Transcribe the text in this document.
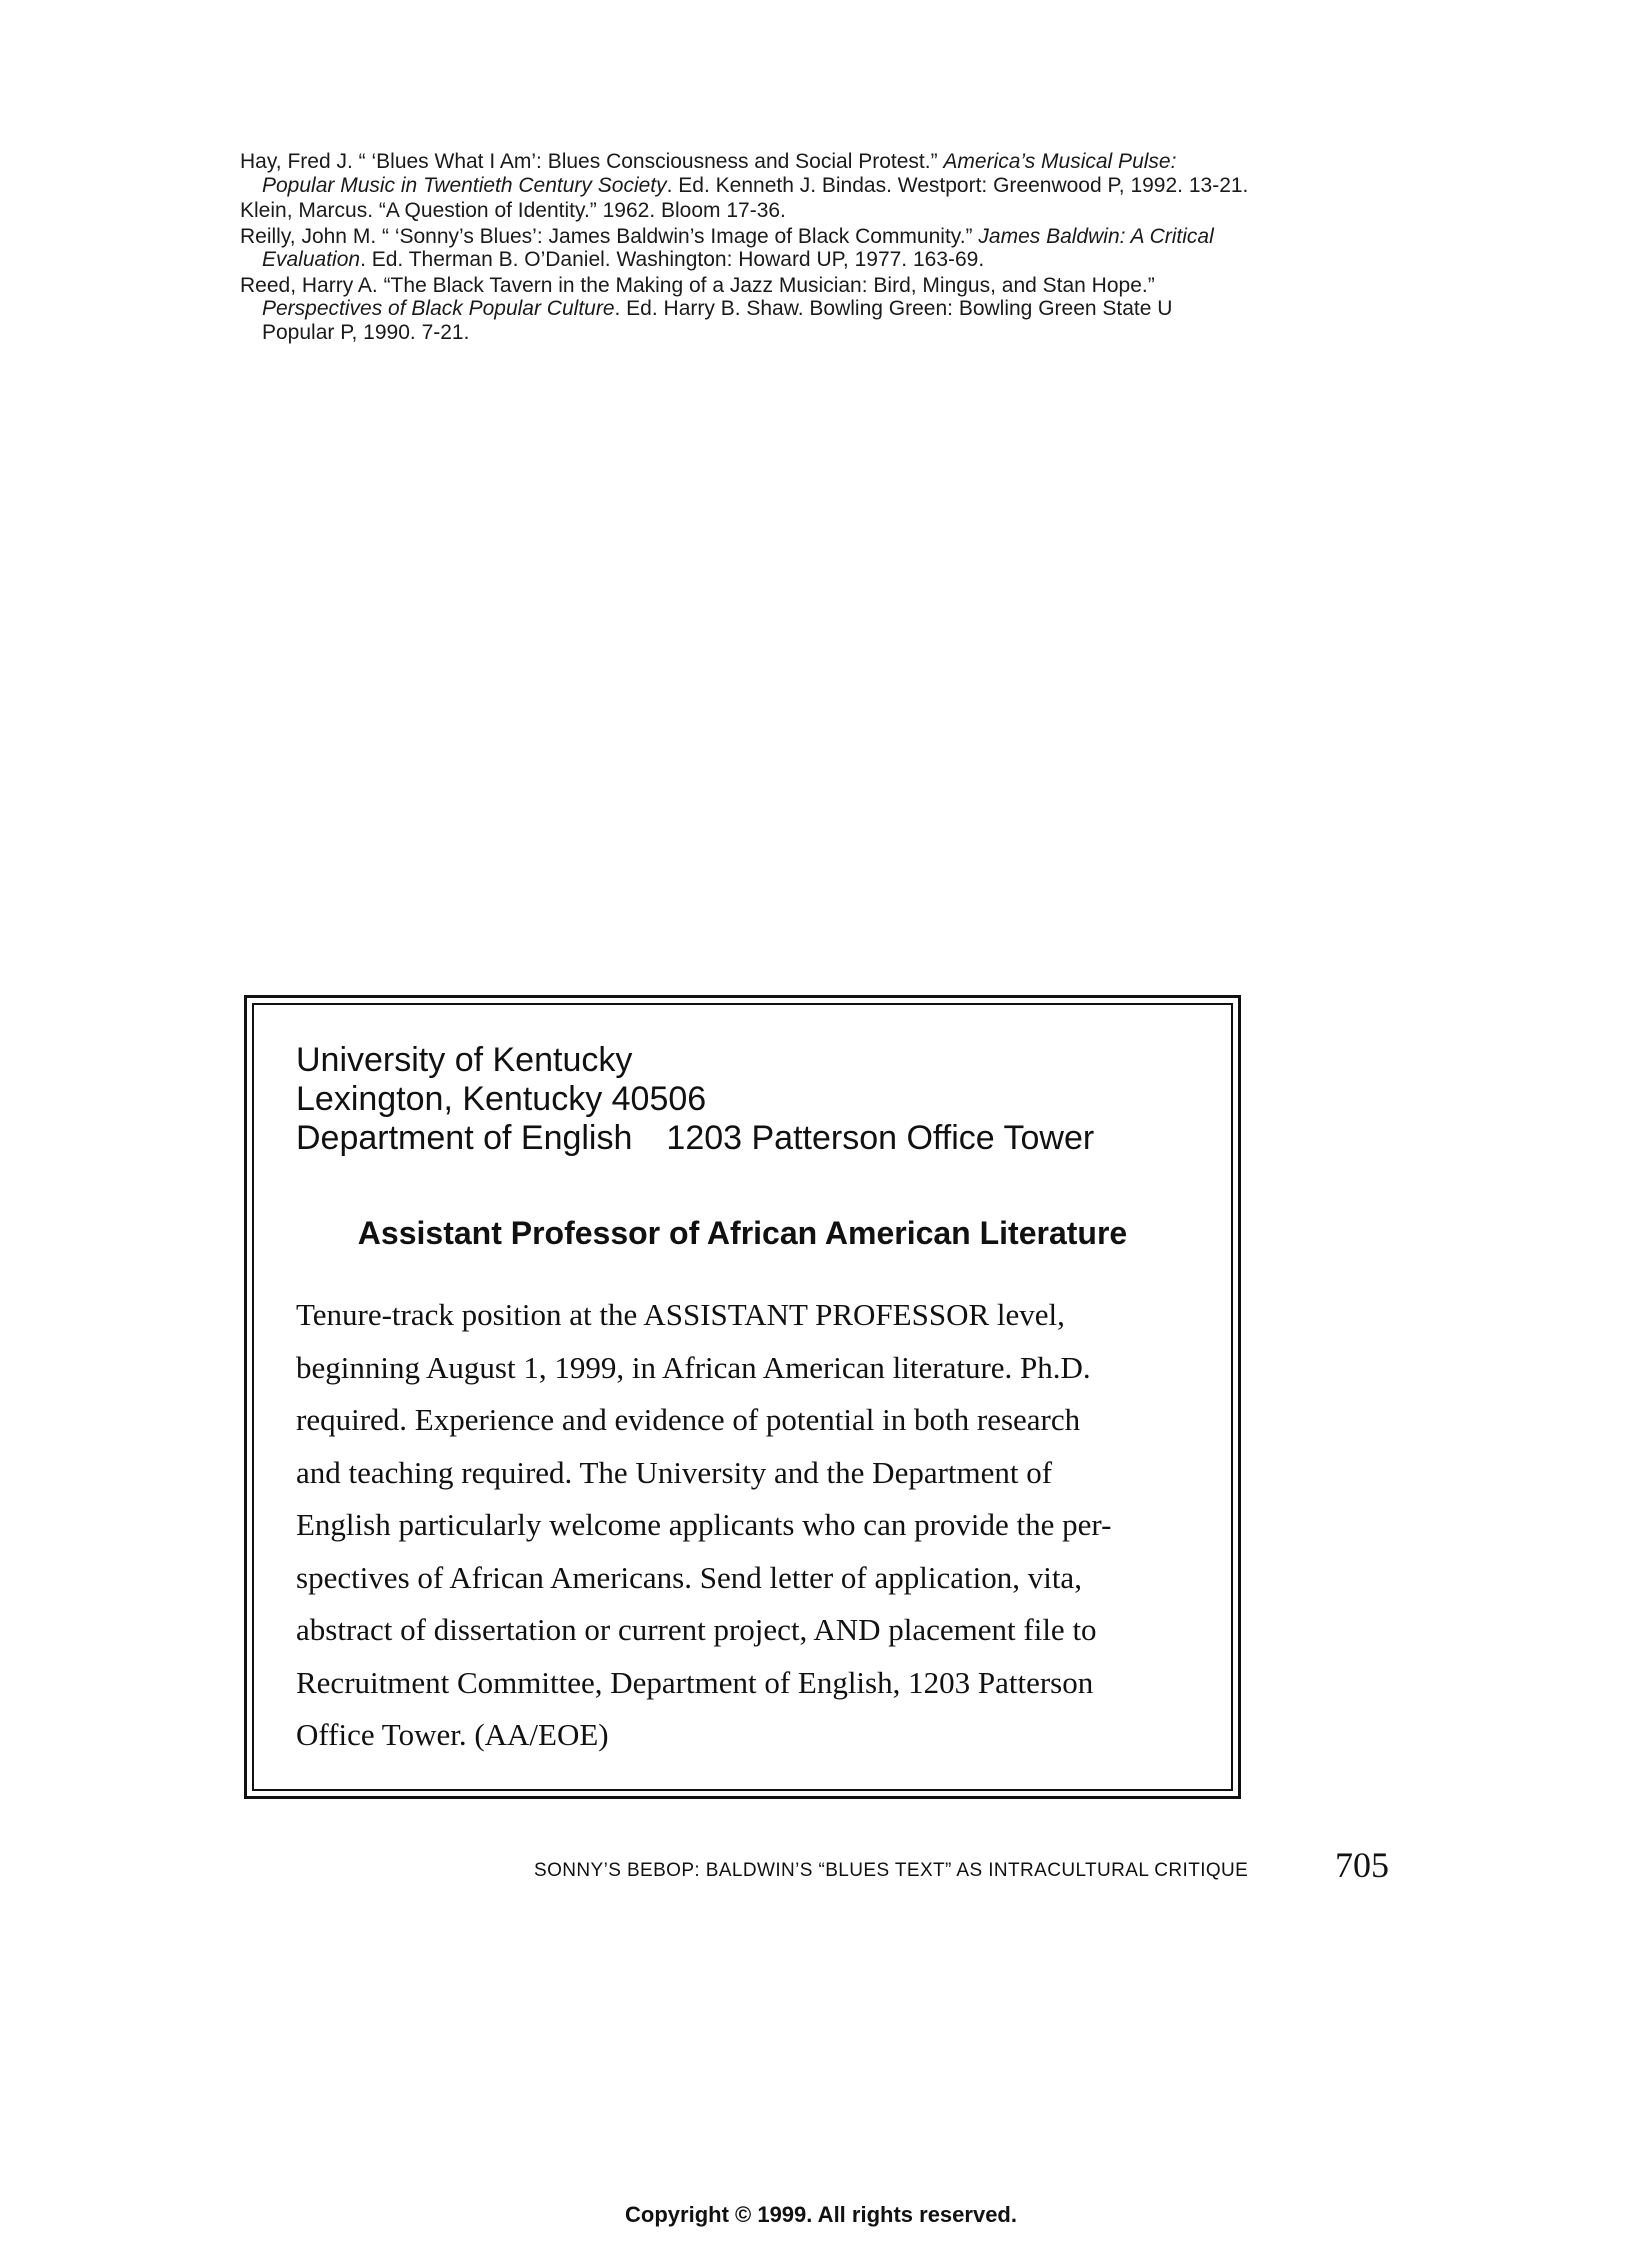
Hay, Fred J. “ ‘Blues What I Am’: Blues Consciousness and Social Protest.” America’s Musical Pulse: Popular Music in Twentieth Century Society. Ed. Kenneth J. Bindas. Westport: Greenwood P, 1992. 13-21.

Klein, Marcus. “A Question of Identity.” 1962. Bloom 17-36.

Reilly, John M. “ ‘Sonny’s Blues’: James Baldwin’s Image of Black Community.” James Baldwin: A Critical Evaluation. Ed. Therman B. O’Daniel. Washington: Howard UP, 1977. 163-69.

Reed, Harry A. “The Black Tavern in the Making of a Jazz Musician: Bird, Mingus, and Stan Hope.” Perspectives of Black Popular Culture. Ed. Harry B. Shaw. Bowling Green: Bowling Green State U Popular P, 1990. 7-21.

University of Kentucky
Lexington, Kentucky 40506
Department of English 1203 Patterson Office Tower
Assistant Professor of African American Literature
Tenure-track position at the ASSISTANT PROFESSOR level,
beginning August 1, 1999, in African American literature. Ph.D.
required. Experience and evidence of potential in both research
and teaching required. The University and the Department of
English particularly welcome applicants who can provide the per-
spectives of African Americans. Send letter of application, vita,
abstract of dissertation or current project, AND placement file to
Recruitment Committee, Department of English, 1203 Patterson
Office Tower. (AA/EOE)
SONNY’S BEBOP: BALDWIN’S “BLUES TEXT” AS INTRACULTURAL CRITIQUE 705
Copyright © 1999. All rights reserved.
